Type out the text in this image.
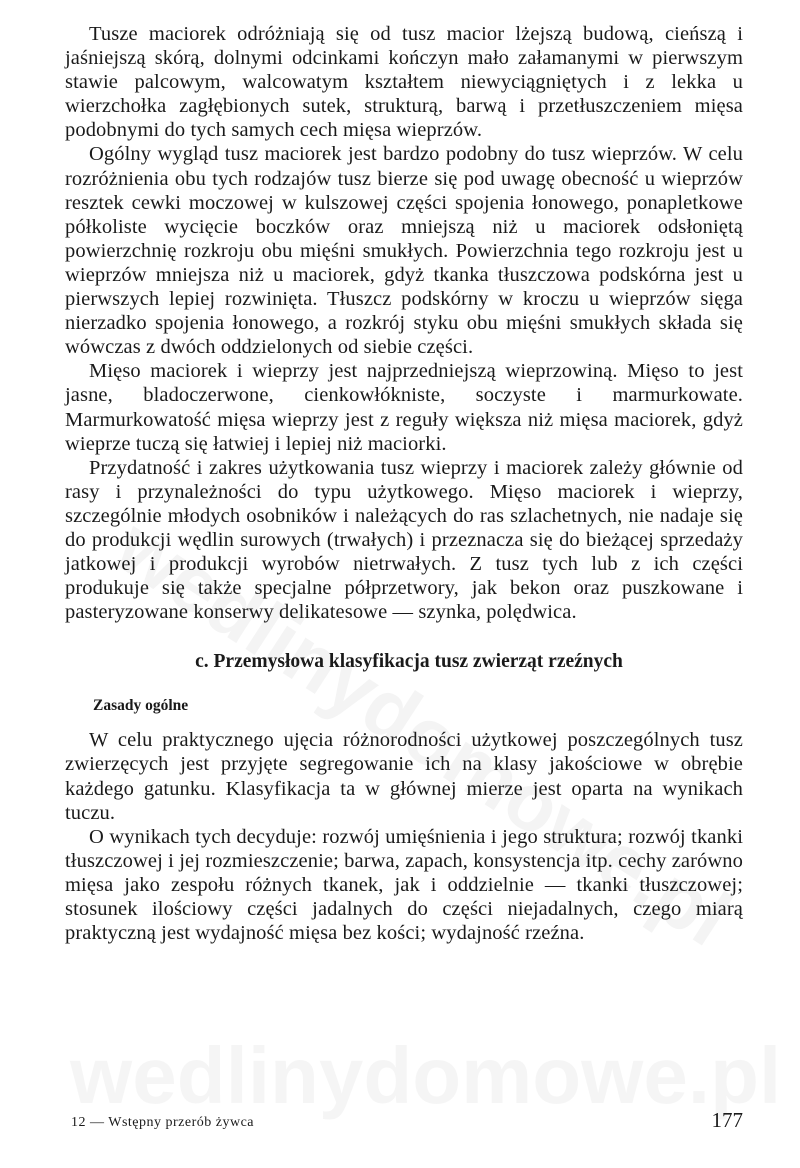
Tusze maciorek odróżniają się od tusz macior lżejszą budową, cieńszą i jaśniejszą skórą, dolnymi odcinkami kończyn mało załamanymi w pierwszym stawie palcowym, walcowatym kształtem niewyciągniętych i z lekka u wierzchołka zagłębionych sutek, strukturą, barwą i przetłuszczeniem mięsa podobnymi do tych samych cech mięsa wieprzów.

Ogólny wygląd tusz maciorek jest bardzo podobny do tusz wieprzów. W celu rozróżnienia obu tych rodzajów tusz bierze się pod uwagę obecność u wieprzów resztek cewki moczowej w kulszowej części spojenia łonowego, ponapletkowe półkoliste wycięcie boczków oraz mniejszą niż u maciorek odsłoniętą powierzchnię rozkroju obu mięśni smukłych. Powierzchnia tego rozkroju jest u wieprzów mniejsza niż u maciorek, gdyż tkanka tłuszczowa podskórna jest u pierwszych lepiej rozwinięta. Tłuszcz podskórny w kroczu u wieprzów sięga nierzadko spojenia łonowego, a rozkrój styku obu mięśni smukłych składa się wówczas z dwóch oddzielonych od siebie części.

Mięso maciorek i wieprzy jest najprzedniejszą wieprzowiną. Mięso to jest jasne, bladoczerwone, cienkowłókniste, soczyste i marmurkowate. Marmurkowatość mięsa wieprzy jest z reguły większa niż mięsa maciorek, gdyż wieprze tuczą się łatwiej i lepiej niż maciorki.

Przydatność i zakres użytkowania tusz wieprzy i maciorek zależy głównie od rasy i przynależności do typu użytkowego. Mięso maciorek i wieprzy, szczególnie młodych osobników i należących do ras szlachetnych, nie nadaje się do produkcji wędlin surowych (trwałych) i przeznacza się do bieżącej sprzedaży jatkowej i produkcji wyrobów nietrwałych. Z tusz tych lub z ich części produkuje się także specjalne półprzetwory, jak bekon oraz puszkowane i pasteryzowane konserwy delikatesowe — szynka, polędwica.

c. Przemysłowa klasyfikacja tusz zwierząt rzeźnych
Zasady ogólne

W celu praktycznego ujęcia różnorodności użytkowej poszczególnych tusz zwierzęcych jest przyjęte segregowanie ich na klasy jakościowe w obrębie każdego gatunku. Klasyfikacja ta w głównej mierze jest oparta na wynikach tuczu.

O wynikach tych decyduje: rozwój umięśnienia i jego struktura; rozwój tkanki tłuszczowej i jej rozmieszczenie; barwa, zapach, konsystencja itp. cechy zarówno mięsa jako zespołu różnych tkanek, jak i oddzielnie — tkanki tłuszczowej; stosunek ilościowy części jadalnych do części niejadalnych, czego miarą praktyczną jest wydajność mięsa bez kości; wydajność rzeźna.

12 — Wstępny przerób żywca	177
